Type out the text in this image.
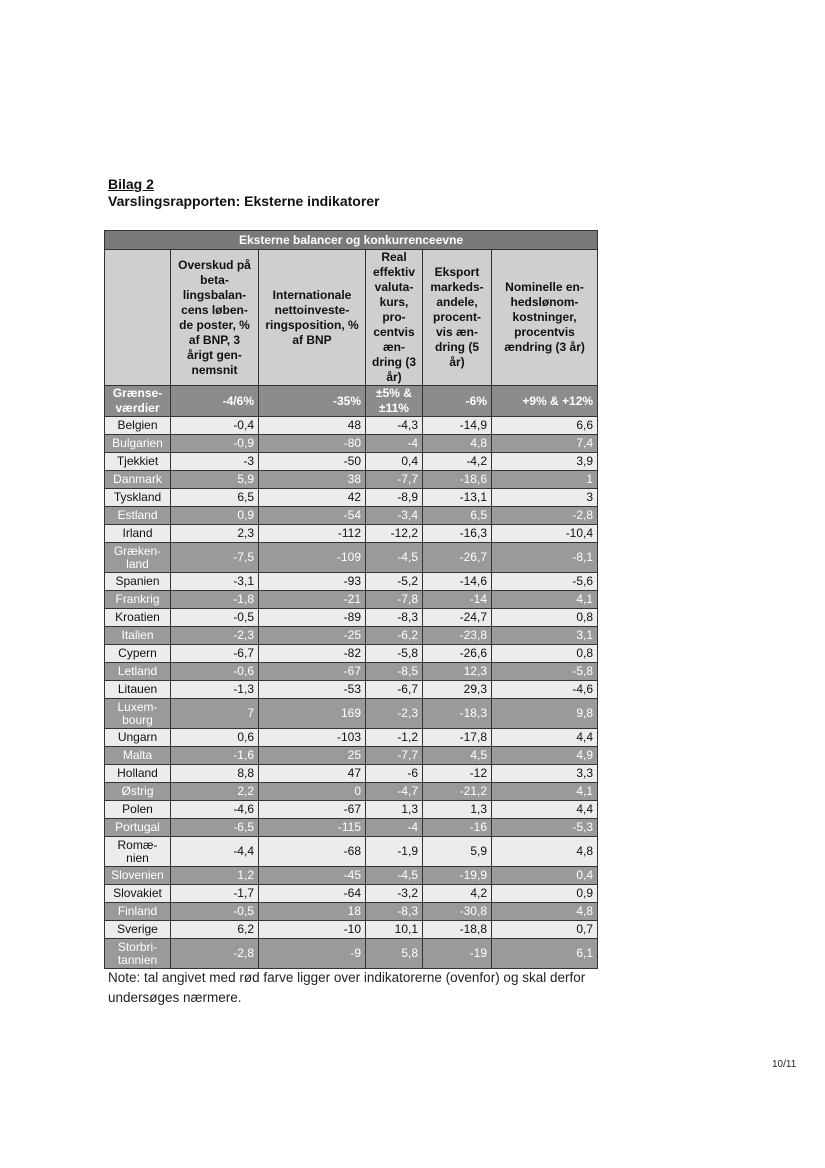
Bilag 2
Varslingsrapporten: Eksterne indikatorer
Eksterne balancer og konkurrenceevne					
	Overskud på beta-lingsbalan-cens løben-de poster, % af BNP, 3 årigt gen-nemsnit	Internationale nettoinveste-ringsposition, % af BNP	Real effektiv valuta-kurs, pro-centvis æn-dring (3 år)	Eksport markeds-andele, procent-vis æn-dring (5 år)	Nominelle en-hedslønom-kostninger, procentvis ændring (3 år)
Grænse-værdier	-4/6%	-35%	±5% & ±11%	-6%	+9% & +12%
Belgien	-0,4	48	-4,3	-14,9	6,6
Bulgarien	-0,9	-80	-4	4,8	7,4
Tjekkiet	-3	-50	0,4	-4,2	3,9
Danmark	5,9	38	-7,7	-18,6	1
Tyskland	6,5	42	-8,9	-13,1	3
Estland	0,9	-54	-3,4	6,5	-2,8
Irland	2,3	-112	-12,2	-16,3	-10,4
Græken-land	-7,5	-109	-4,5	-26,7	-8,1
Spanien	-3,1	-93	-5,2	-14,6	-5,6
Frankrig	-1,8	-21	-7,8	-14	4,1
Kroatien	-0,5	-89	-8,3	-24,7	0,8
Italien	-2,3	-25	-6,2	-23,8	3,1
Cypern	-6,7	-82	-5,8	-26,6	0,8
Letland	-0,6	-67	-8,5	12,3	-5,8
Litauen	-1,3	-53	-6,7	29,3	-4,6
Luxem-bourg	7	169	-2,3	-18,3	9,8
Ungarn	0,6	-103	-1,2	-17,8	4,4
Malta	-1,6	25	-7,7	4,5	4,9
Holland	8,8	47	-6	-12	3,3
Østrig	2,2	0	-4,7	-21,2	4,1
Polen	-4,6	-67	1,3	1,3	4,4
Portugal	-6,5	-115	-4	-16	-5,3
Romæ-nien	-4,4	-68	-1,9	5,9	4,8
Slovenien	1,2	-45	-4,5	-19,9	0,4
Slovakiet	-1,7	-64	-3,2	4,2	0,9
Finland	-0,5	18	-8,3	-30,8	4,8
Sverige	6,2	-10	10,1	-18,8	0,7
Storbri-tannien	-2,8	-9	5,8	-19	6,1
Note: tal angivet med rød farve ligger over indikatorerne (ovenfor) og skal derfor undersøges nærmere.
10/11
